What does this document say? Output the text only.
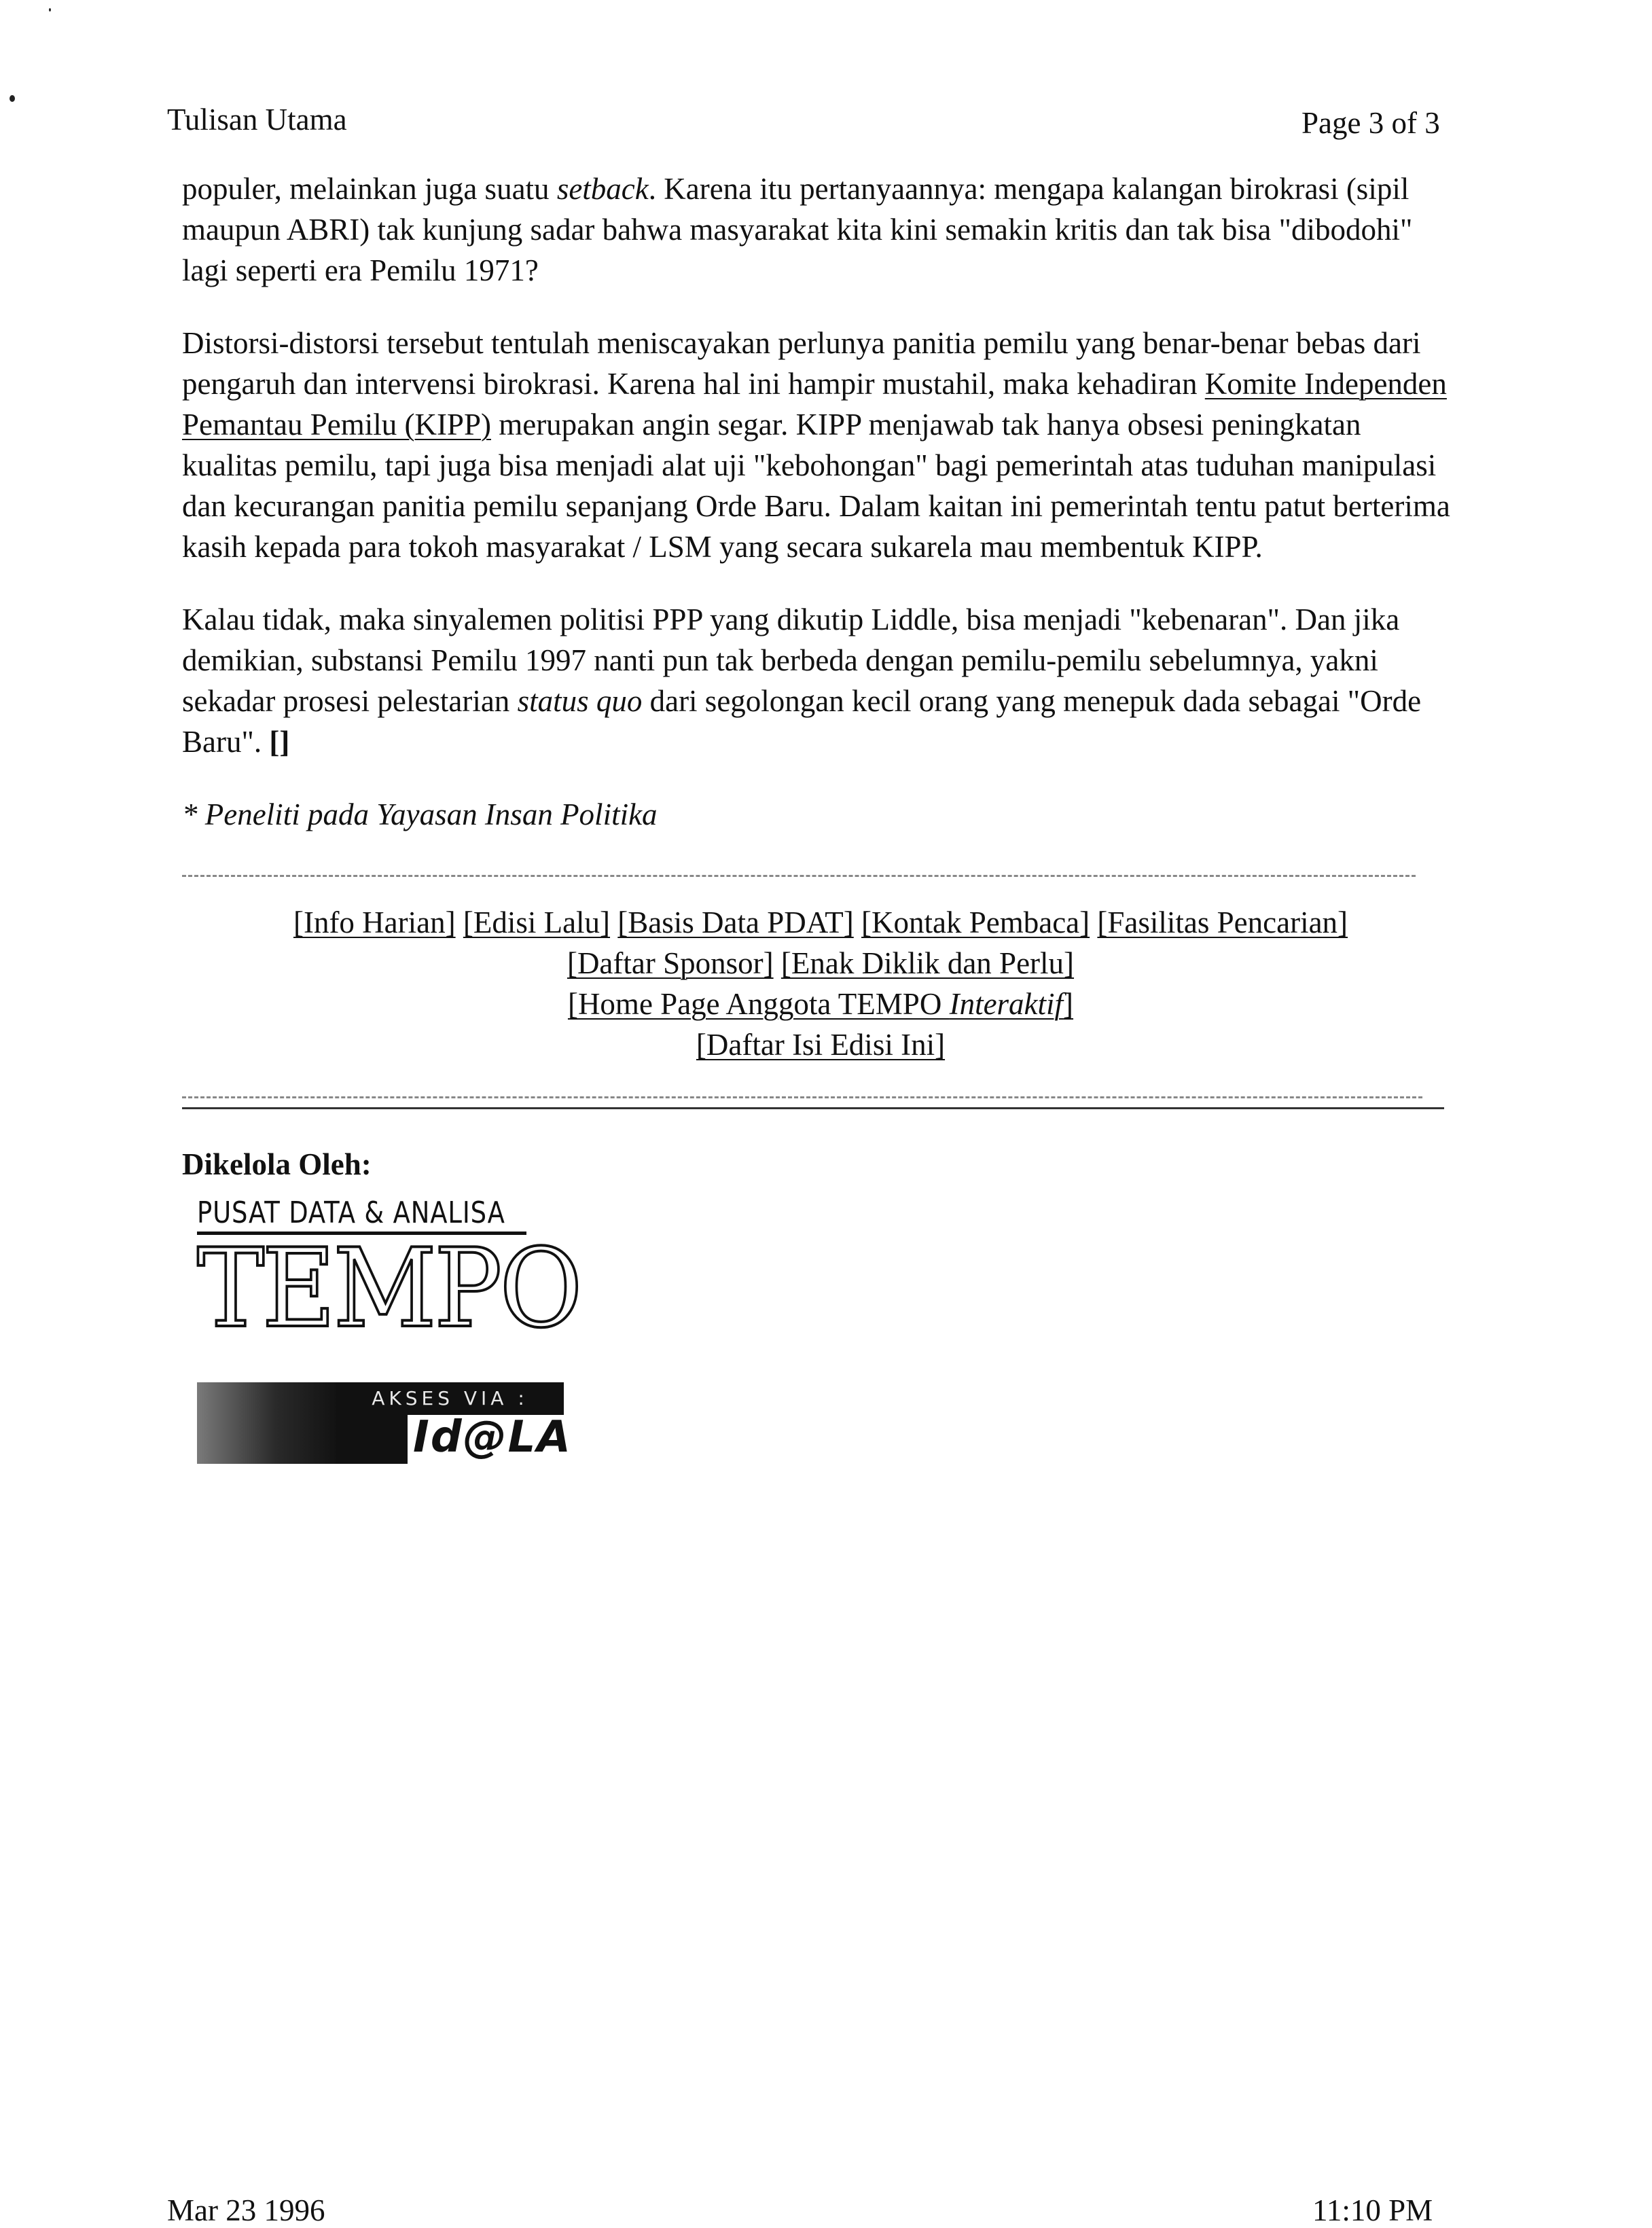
Tulisan Utama	Page 3 of 3

populer, melainkan juga suatu setback. Karena itu pertanyaannya: mengapa kalangan birokrasi (sipil maupun ABRI) tak kunjung sadar bahwa masyarakat kita kini semakin kritis dan tak bisa "dibodohi" lagi seperti era Pemilu 1971?

Distorsi-distorsi tersebut tentulah meniscayakan perlunya panitia pemilu yang benar-benar bebas dari pengaruh dan intervensi birokrasi. Karena hal ini hampir mustahil, maka kehadiran Komite Independen Pemantau Pemilu (KIPP) merupakan angin segar. KIPP menjawab tak hanya obsesi peningkatan kualitas pemilu, tapi juga bisa menjadi alat uji "kebohongan" bagi pemerintah atas tuduhan manipulasi dan kecurangan panitia pemilu sepanjang Orde Baru. Dalam kaitan ini pemerintah tentu patut berterima kasih kepada para tokoh masyarakat / LSM yang secara sukarela mau membentuk KIPP.

Kalau tidak, maka sinyalemen politisi PPP yang dikutip Liddle, bisa menjadi "kebenaran". Dan jika demikian, substansi Pemilu 1997 nanti pun tak berbeda dengan pemilu-pemilu sebelumnya, yakni sekadar prosesi pelestarian status quo dari segolongan kecil orang yang menepuk dada sebagai "Orde Baru". []

* Peneliti pada Yayasan Insan Politika

[Info Harian] [Edisi Lalu] [Basis Data PDAT] [Kontak Pembaca] [Fasilitas Pencarian]
[Daftar Sponsor] [Enak Diklik dan Perlu]
[Home Page Anggota TEMPO Interaktif]
[Daftar Isi Edisi Ini]
Dikelola Oleh:
PUSAT DATA & ANALISA
TEMPO
AKSES VIA :
Id@LA
Mar 23 1996	11:10 PM
